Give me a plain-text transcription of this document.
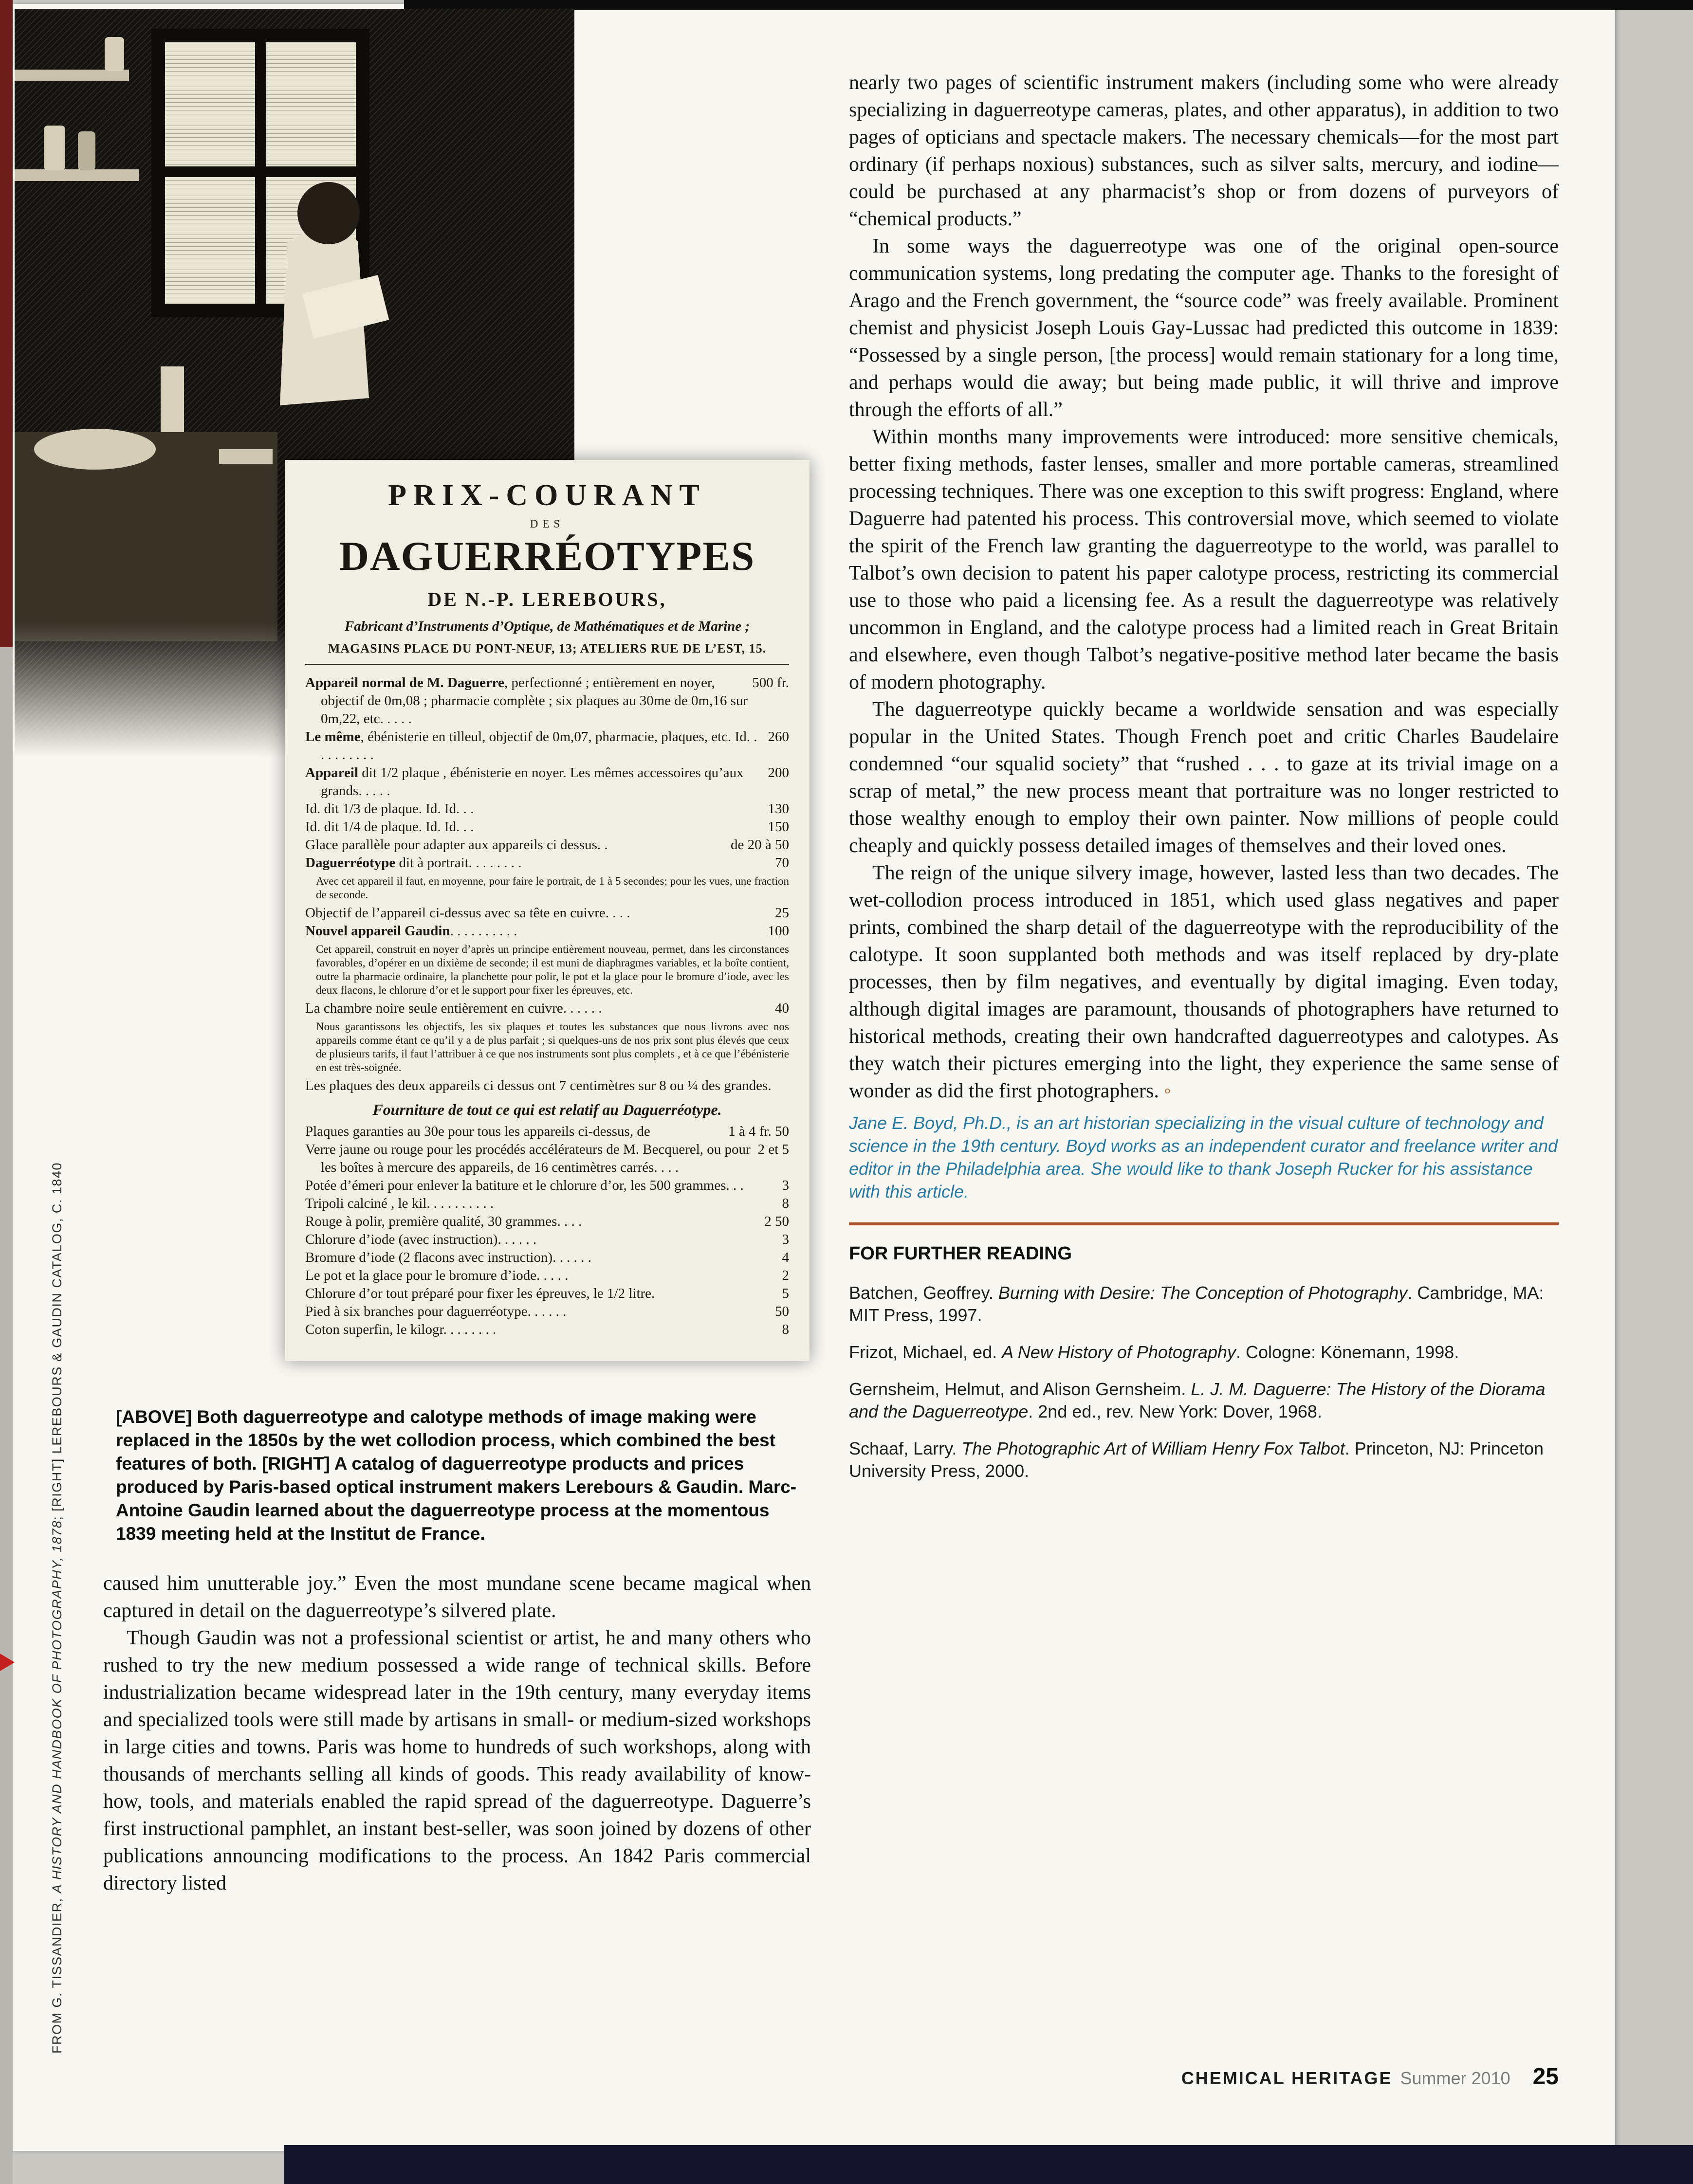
PRIX-COURANT
DES
DAGUERRÉOTYPES
DE N.-P. LEREBOURS,
Fabricant d’Instruments d’Optique, de Mathématiques et de Marine ;
MAGASINS PLACE DU PONT-NEUF, 13; ATELIERS RUE DE L’EST, 15.
500 fr.
Appareil normal de M. Daguerre, perfectionné ; entièrement en noyer, objectif de 0m,08 ; pharmacie complète ; six plaques au 30me de 0m,16 sur 0m,22, etc. . . . .
260
Le même, ébénisterie en tilleul, objectif de 0m,07, pharmacie, plaques, etc. Id. . . . . . . . . .
200
Appareil dit 1/2 plaque , ébénisterie en noyer. Les mêmes accessoires qu’aux grands. . . . .
130
Id. dit 1/3 de plaque. Id. Id. . .
150
Id. dit 1/4 de plaque. Id. Id. . .
de 20 à 50
Glace parallèle pour adapter aux appareils ci dessus. .
70
Daguerréotype dit à portrait. . . . . . . .
Avec cet appareil il faut, en moyenne, pour faire le portrait, de 1 à 5 secondes; pour les vues, une fraction de seconde.
25
Objectif de l’appareil ci-dessus avec sa tête en cuivre. . . .
100
Nouvel appareil Gaudin. . . . . . . . . .
Cet appareil, construit en noyer d’après un principe entièrement nouveau, permet, dans les circonstances favorables, d’opérer en un dixième de seconde; il est muni de diaphragmes variables, et la boîte contient, outre la pharmacie ordinaire, la planchette pour polir, le pot et la glace pour le bromure d’iode, avec les deux flacons, le chlorure d’or et le support pour fixer les épreuves, etc.
40
La chambre noire seule entièrement en cuivre. . . . . .
Nous garantissons les objectifs, les six plaques et toutes les substances que nous livrons avec nos appareils comme étant ce qu’il y a de plus parfait ; si quelques-uns de nos prix sont plus élevés que ceux de plusieurs tarifs, il faut l’attribuer à ce que nos instruments sont plus complets , et à ce que l’ébénisterie en est très-soignée.
Les plaques des deux appareils ci dessus ont 7 centimètres sur 8 ou ¼ des grandes.
Fourniture de tout ce qui est relatif au Daguerréotype.
1 à 4 fr. 50
Plaques garanties au 30e pour tous les appareils ci-dessus, de
2 et 5
Verre jaune ou rouge pour les procédés accélérateurs de M. Becquerel, ou pour les boîtes à mercure des appareils, de 16 centimètres carrés. . . .
3
Potée d’émeri pour enlever la batiture et le chlorure d’or, les 500 grammes. . .
8
Tripoli calciné , le kil. . . . . . . . . .
2 50
Rouge à polir, première qualité, 30 grammes. . . .
3
Chlorure d’iode (avec instruction). . . . . .
4
Bromure d’iode (2 flacons avec instruction). . . . . .
2
Le pot et la glace pour le bromure d’iode. . . . .
5
Chlorure d’or tout préparé pour fixer les épreuves, le 1/2 litre.
50
Pied à six branches pour daguerréotype. . . . . .
8
Coton superfin, le kilogr. . . . . . . .
[ABOVE] Both daguerreotype and calotype methods of image making were replaced in the 1850s by the wet collodion process, which combined the best features of both. [RIGHT] A catalog of daguerreotype products and prices produced by Paris-based optical instrument makers Lerebours & Gaudin. Marc-Antoine Gaudin learned about the daguerreotype process at the momentous 1839 meeting held at the Institut de France.
FROM G. TISSANDIER, A HISTORY AND HANDBOOK OF PHOTOGRAPHY, 1878; [RIGHT] LEREBOURS & GAUDIN CATALOG, C. 1840

caused him unutterable joy.” Even the most mundane scene became magical when captured in detail on the daguerreotype’s silvered plate.

Though Gaudin was not a professional scientist or artist, he and many others who rushed to try the new medium possessed a wide range of technical skills. Before industrialization became widespread later in the 19th century, many everyday items and specialized tools were still made by artisans in small- or medium-sized workshops in large cities and towns. Paris was home to hundreds of such workshops, along with thousands of merchants selling all kinds of goods. This ready availability of know-how, tools, and materials enabled the rapid spread of the daguerreotype. Daguerre’s first instructional pamphlet, an instant best-seller, was soon joined by dozens of other publications announcing modifications to the process. An 1842 Paris commercial directory listed

nearly two pages of scientific instrument makers (including some who were already specializing in daguerreotype cameras, plates, and other apparatus), in addition to two pages of opticians and spectacle makers. The necessary chemicals—for the most part ordinary (if perhaps noxious) substances, such as silver salts, mercury, and iodine—could be purchased at any pharmacist’s shop or from dozens of purveyors of “chemical products.”

In some ways the daguerreotype was one of the original open-source communication systems, long predating the computer age. Thanks to the foresight of Arago and the French government, the “source code” was freely available. Prominent chemist and physicist Joseph Louis Gay-Lussac had predicted this outcome in 1839: “Possessed by a single person, [the process] would remain stationary for a long time, and perhaps would die away; but being made public, it will thrive and improve through the efforts of all.”

Within months many improvements were introduced: more sensitive chemicals, better fixing methods, faster lenses, smaller and more portable cameras, streamlined processing techniques. There was one exception to this swift progress: England, where Daguerre had patented his process. This controversial move, which seemed to violate the spirit of the French law granting the daguerreotype to the world, was parallel to Talbot’s own decision to patent his paper calotype process, restricting its commercial use to those who paid a licensing fee. As a result the daguerreotype was relatively uncommon in England, and the calotype process had a limited reach in Great Britain and elsewhere, even though Talbot’s negative-positive method later became the basis of modern photography.

The daguerreotype quickly became a worldwide sensation and was especially popular in the United States. Though French poet and critic Charles Baudelaire condemned “our squalid society” that “rushed . . . to gaze at its trivial image on a scrap of metal,” the new process meant that portraiture was no longer restricted to those wealthy enough to employ their own painter. Now millions of people could cheaply and quickly possess detailed images of themselves and their loved ones.

The reign of the unique silvery image, however, lasted less than two decades. The wet-collodion process introduced in 1851, which used glass negatives and paper prints, combined the sharp detail of the daguerreotype with the reproducibility of the calotype. It soon supplanted both methods and was itself replaced by dry-plate processes, then by film negatives, and eventually by digital imaging. Even today, although digital images are paramount, thousands of photographers have returned to historical methods, creating their own handcrafted daguerreotypes and calotypes. As they watch their pictures emerging into the light, they experience the same sense of wonder as did the first photographers. ◦

Jane E. Boyd, Ph.D., is an art historian specializing in the visual culture of technology and science in the 19th century. Boyd works as an independent curator and freelance writer and editor in the Philadelphia area. She would like to thank Joseph Rucker for his assistance with this article.

FOR FURTHER READING

Batchen, Geoffrey. Burning with Desire: The Conception of Photography. Cambridge, MA: MIT Press, 1997.

Frizot, Michael, ed. A New History of Photography. Cologne: Könemann, 1998.

Gernsheim, Helmut, and Alison Gernsheim. L. J. M. Daguerre: The History of the Diorama and the Daguerreotype. 2nd ed., rev. New York: Dover, 1968.

Schaaf, Larry. The Photographic Art of William Henry Fox Talbot. Princeton, NJ: Princeton University Press, 2000.

CHEMICAL HERITAGE Summer 2010 25
